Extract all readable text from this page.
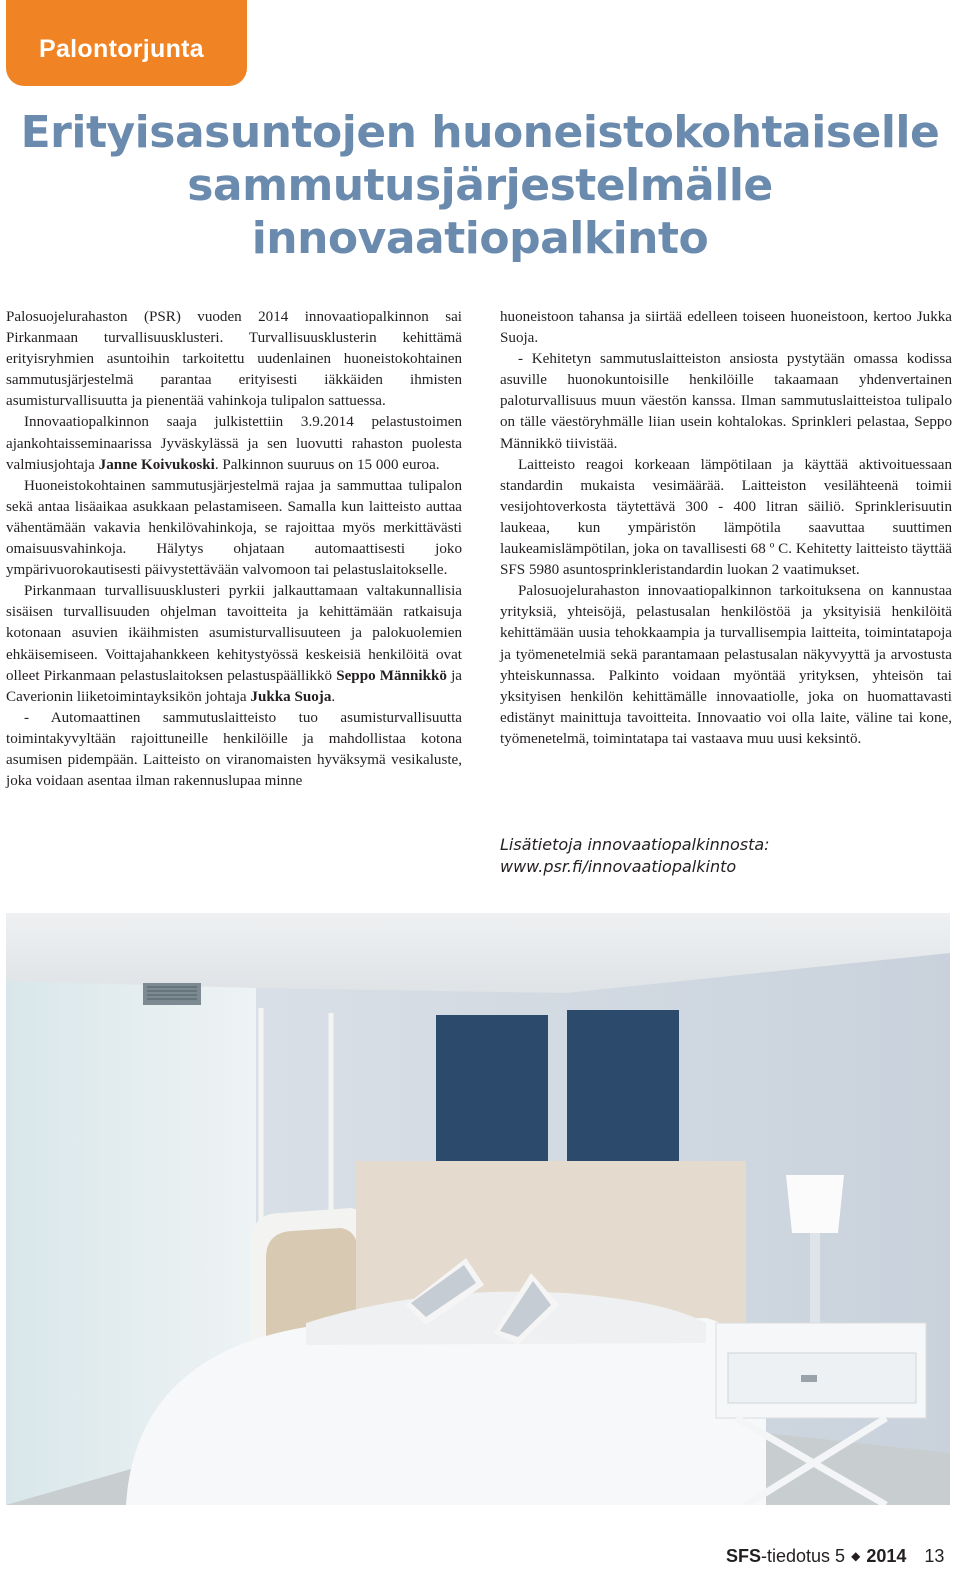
Palontorjunta
Erityisasuntojen huoneistokohtaiselle
sammutusjärjestelmälle
innovaatiopalkinto

Palosuojelurahaston (PSR) vuoden 2014 innovaatiopalkinnon sai Pirkanmaan turvallisuusklusteri. Turvallisuusklusterin kehittämä erityisryhmien asuntoihin tarkoitettu uudenlainen huoneistokohtainen sammutusjärjestelmä parantaa erityisesti iäkkäiden ihmisten asumisturvallisuutta ja pienentää vahinkoja tulipalon sattuessa.

Innovaatiopalkinnon saaja julkistettiin 3.9.2014 pelastustoimen ajankohtaisseminaarissa Jyväskylässä ja sen luovutti rahaston puolesta valmiusjohtaja Janne Koivukoski. Palkinnon suuruus on 15 000 euroa.

Huoneistokohtainen sammutusjärjestelmä rajaa ja sammuttaa tulipalon sekä antaa lisäaikaa asukkaan pelastamiseen. Samalla kun laitteisto auttaa vähentämään vakavia henkilövahinkoja, se rajoittaa myös merkittävästi omaisuusvahinkoja. Hälytys ohjataan automaattisesti joko ympärivuorokautisesti päivystettävään valvomoon tai pelastuslaitokselle.

Pirkanmaan turvallisuusklusteri pyrkii jalkauttamaan valtakunnallisia sisäisen turvallisuuden ohjelman tavoitteita ja kehittämään ratkaisuja kotonaan asuvien ikäihmisten asumisturvallisuuteen ja palokuolemien ehkäisemiseen. Voittajahankkeen kehitystyössä keskeisiä henkilöitä ovat olleet Pirkanmaan pelastuslaitoksen pelastuspäällikkö Seppo Männikkö ja Caverionin liiketoimintayksikön johtaja Jukka Suoja.

- Automaattinen sammutuslaitteisto tuo asumisturvallisuutta toimintakyvyltään rajoittuneille henkilöille ja mahdollistaa kotona asumisen pidempään. Laitteisto on viranomaisten hyväksymä vesikaluste, joka voidaan asentaa ilman rakennuslupaa minne

huoneistoon tahansa ja siirtää edelleen toiseen huoneistoon, kertoo Jukka Suoja.

- Kehitetyn sammutuslaitteiston ansiosta pystytään omassa kodissa asuville huonokuntoisille henkilöille takaamaan yhdenvertainen paloturvallisuus muun väestön kanssa. Ilman sammutuslaitteistoa tulipalo on tälle väestöryhmälle liian usein kohtalokas. Sprinkleri pelastaa, Seppo Männikkö tiivistää.

Laitteisto reagoi korkeaan lämpötilaan ja käyttää aktivoituessaan standardin mukaista vesimäärää. Laitteiston vesilähteenä toimii vesijohtoverkosta täytettävä 300 - 400 litran säiliö. Sprinklerisuutin laukeaa, kun ympäristön lämpötila saavuttaa suuttimen laukeamislämpötilan, joka on tavallisesti 68 º C. Kehitetty laitteisto täyttää SFS 5980 asuntosprinkleristandardin luokan 2 vaatimukset.

Palosuojelurahaston innovaatiopalkinnon tarkoituksena on kannustaa yrityksiä, yhteisöjä, pelastusalan henkilöstöä ja yksityisiä henkilöitä kehittämään uusia tehokkaampia ja turvallisempia laitteita, toimintatapoja ja työmenetelmiä sekä parantamaan pelastusalan näkyvyyttä ja arvostusta yhteiskunnassa. Palkinto voidaan myöntää yrityksen, yhteisön tai yksityisen henkilön kehittämälle innovaatiolle, joka on huomattavasti edistänyt mainittuja tavoitteita. Innovaatio voi olla laite, väline tai kone, työmenetelmä, toimintatapa tai vastaava muu uusi keksintö.

Lisätietoja innovaatiopalkinnosta:
www.psr.fi/innovaatiopalkinto
SFS-tiedotus 5 ◆ 2014 13
